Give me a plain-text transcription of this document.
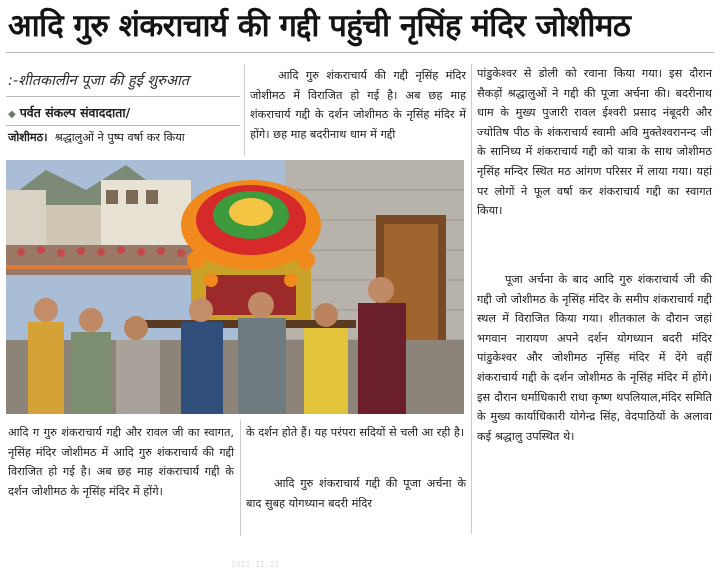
आदि गुरु शंकराचार्य की गद्दी पहुंची नृसिंह मंदिर जोशीमठ
:-शीतकालीन पूजा की हुई शुरुआत
◆ पर्वत संकल्प संवाददाता/

जोशीमठ। श्रद्धालुओं ने पुष्प वर्षा कर किया

आदि गुरु शंकराचार्य की गद्दी नृसिंह मंदिर जोशीमठ में विराजित हो गई है। अब छह माह शंकराचार्य गद्दी के दर्शन जोशीमठ के नृसिंह मंदिर में होंगे। छह माह बदरीनाथ धाम में गद्दी

2022.11.21

पांडुकेश्वर से डोली को रवाना किया गया। इस दौरान सैकड़ों श्रद्धालुओं ने गद्दी की पूजा अर्चना की। बदरीनाथ धाम के मुख्य पुजारी रावल ईश्वरी प्रसाद नंबूदरी और ज्योतिष पीठ के शंकराचार्य स्वामी अवि मुक्तेश्वरानन्द जी के सानिध्य में शंकराचार्य गद्दी को यात्रा के साथ जोशीमठ नृसिंह मन्दिर स्थित मठ आंगण परिसर में लाया गया। यहां पर लोगों ने फूल वर्षा कर शंकराचार्य गद्दी का स्वागत किया।

पूजा अर्चना के बाद आदि गुरु शंकराचार्य जी की गद्दी जो जोशीमठ के नृसिंह मंदिर के समीप शंकराचार्य गद्दी स्थल में विराजित किया गया। शीतकाल के दौरान जहां भगवान नारायण अपने दर्शन योगध्यान बदरी मंदिर पांडुकेश्वर और जोशीमठ नृसिंह मंदिर में देंगे वहीं शंकराचार्य गद्दी के दर्शन जोशीमठ के नृसिंह मंदिर में होंगे। इस दौरान धर्माधिकारी राधा कृष्ण थपलियाल,मंदिर समिति के मुख्य कार्याधिकारी योगेन्द्र सिंह, वेदपाठियों के अलावा कई श्रद्धालु उपस्थित थे।

आदि ग गुरु शंकराचार्य गद्दी और रावल जी का स्वागत, नृसिंह मंदिर जोशीमठ में आदि गुरु शंकराचार्य की गद्दी विराजित हो गई है। अब छह माह शंकराचार्य गद्दी के दर्शन जोशीमठ के नृसिंह मंदिर में होंगे।

के दर्शन होते हैं। यह परंपरा सदियों से चली आ रही है।

आदि गुरु शंकराचार्य गद्दी की पूजा अर्चना के बाद सुबह योगध्यान बदरी मंदिर
